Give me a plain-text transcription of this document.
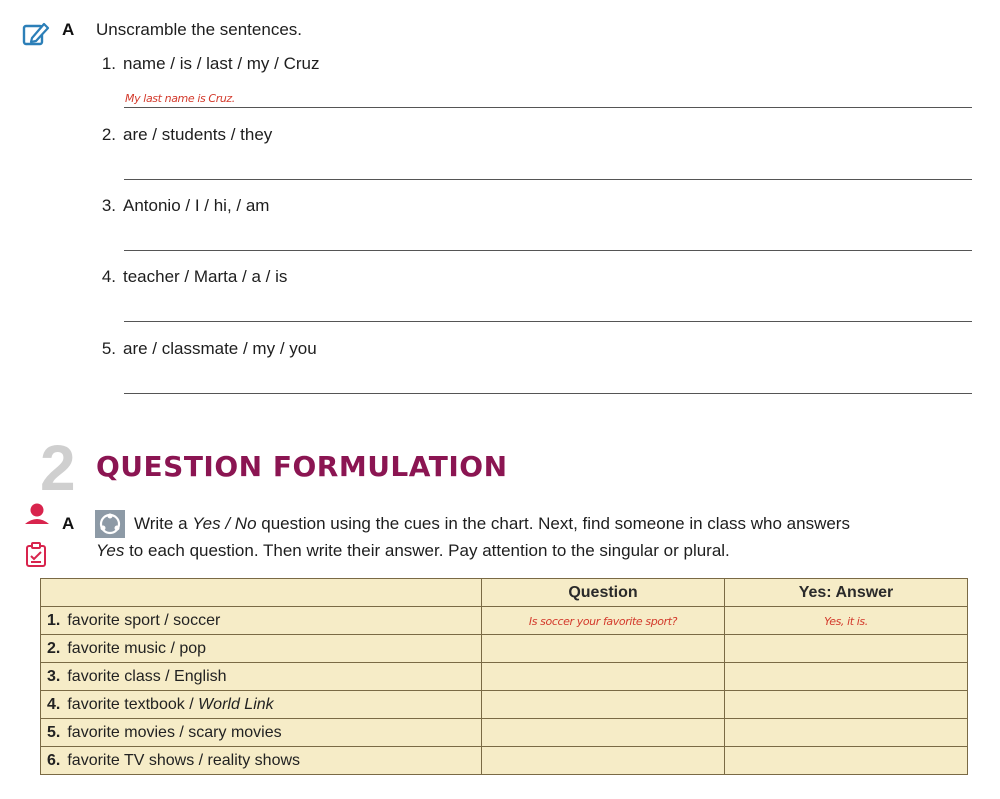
A Unscramble the sentences.
1. name / is / last / my / Cruz
My last name is Cruz.
2. are / students / they
3. Antonio / I / hi, / am
4. teacher / Marta / a / is
5. are / classmate / my / you
2 QUESTION FORMULATION
A	Write a Yes / No question using the cues in the chart. Next, find someone in class who answers
Yes to each question. Then write their answer. Pay attention to the singular or plural.
	Question	Yes: Answer
1. favorite sport / soccer	Is soccer your favorite sport?	Yes, it is.
2. favorite music / pop		
3. favorite class / English		
4. favorite textbook / World Link		
5. favorite movies / scary movies		
6. favorite TV shows / reality shows		
